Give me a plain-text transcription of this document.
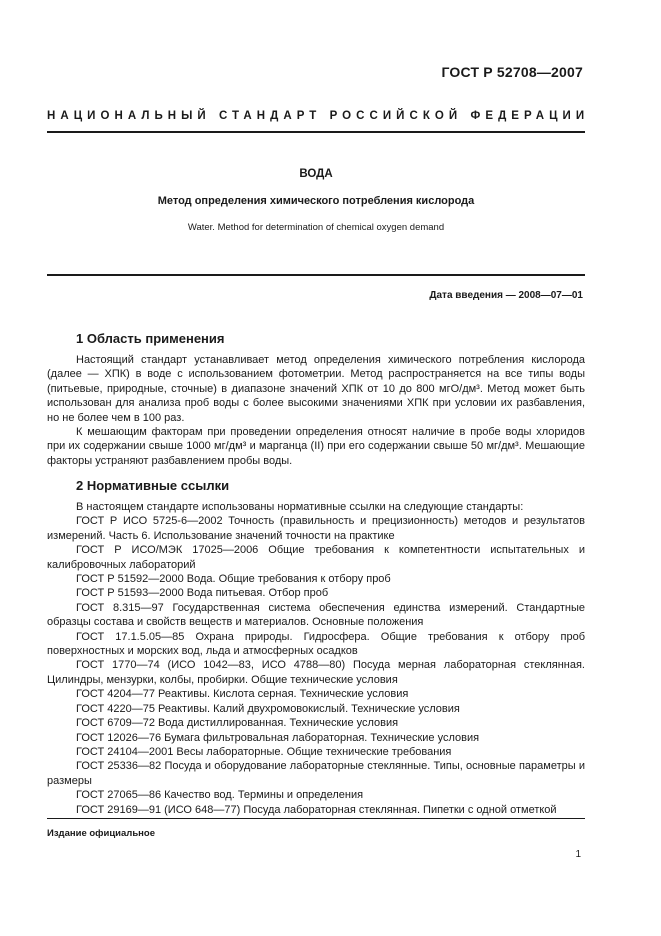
ГОСТ Р 52708—2007
НАЦИОНАЛЬНЫЙ СТАНДАРТ РОССИЙСКОЙ ФЕДЕРАЦИИ
ВОДА
Метод определения химического потребления кислорода
Water. Method for determination of chemical oxygen demand
Дата введения — 2008—07—01
1 Область применения

Настоящий стандарт устанавливает метод определения химического потребления кислорода (далее — ХПК) в воде с использованием фотометрии. Метод распространяется на все типы воды (питьевые, природные, сточные) в диапазоне значений ХПК от 10 до 800 мгО/дм³. Метод может быть использован для анализа проб воды с более высокими значениями ХПК при условии их разбавления, но не более чем в 100 раз.

К мешающим факторам при проведении определения относят наличие в пробе воды хлоридов при их содержании свыше 1000 мг/дм³ и марганца (II) при его содержании свыше 50 мг/дм³. Мешающие факторы устраняют разбавлением пробы воды.

2 Нормативные ссылки
В настоящем стандарте использованы нормативные ссылки на следующие стандарты:
ГОСТ Р ИСО 5725-6—2002 Точность (правильность и прецизионность) методов и результатов измерений. Часть 6. Использование значений точности на практике
ГОСТ Р ИСО/МЭК 17025—2006 Общие требования к компетентности испытательных и калибровочных лабораторий
ГОСТ Р 51592—2000 Вода. Общие требования к отбору проб
ГОСТ Р 51593—2000 Вода питьевая. Отбор проб
ГОСТ 8.315—97 Государственная система обеспечения единства измерений. Стандартные образцы состава и свойств веществ и материалов. Основные положения
ГОСТ 17.1.5.05—85 Охрана природы. Гидросфера. Общие требования к отбору проб поверхностных и морских вод, льда и атмосферных осадков
ГОСТ 1770—74 (ИСО 1042—83, ИСО 4788—80) Посуда мерная лабораторная стеклянная. Цилиндры, мензурки, колбы, пробирки. Общие технические условия
ГОСТ 4204—77 Реактивы. Кислота серная. Технические условия
ГОСТ 4220—75 Реактивы. Калий двухромовокислый. Технические условия
ГОСТ 6709—72 Вода дистиллированная. Технические условия
ГОСТ 12026—76 Бумага фильтровальная лабораторная. Технические условия
ГОСТ 24104—2001 Весы лабораторные. Общие технические требования
ГОСТ 25336—82 Посуда и оборудование лабораторные стеклянные. Типы, основные параметры и размеры
ГОСТ 27065—86 Качество вод. Термины и определения
ГОСТ 29169—91 (ИСО 648—77) Посуда лабораторная стеклянная. Пипетки с одной отметкой
Издание официальное
1
